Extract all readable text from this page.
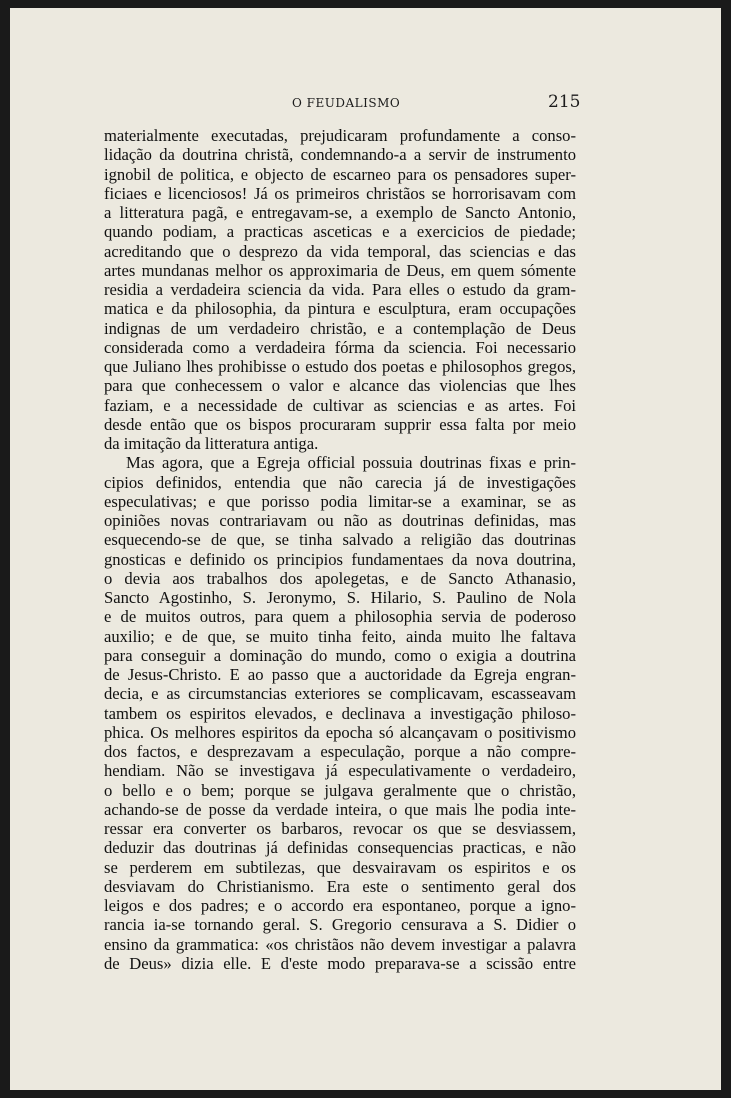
O FEUDALISMO	215
materialmente executadas, prejudicaram profundamente a conso-
lidação da doutrina christã, condemnando-a a servir de instrumento
ignobil de politica, e objecto de escarneo para os pensadores super-
ficiaes e licenciosos! Já os primeiros christãos se horrorisavam com
a litteratura pagã, e entregavam-se, a exemplo de Sancto Antonio,
quando podiam, a practicas asceticas e a exercicios de piedade;
acreditando que o desprezo da vida temporal, das sciencias e das
artes mundanas melhor os approximaria de Deus, em quem sómente
residia a verdadeira sciencia da vida. Para elles o estudo da gram-
matica e da philosophia, da pintura e esculptura, eram occupações
indignas de um verdadeiro christão, e a contemplação de Deus
considerada como a verdadeira fórma da sciencia. Foi necessario
que Juliano lhes prohibisse o estudo dos poetas e philosophos gregos,
para que conhecessem o valor e alcance das violencias que lhes
faziam, e a necessidade de cultivar as sciencias e as artes. Foi
desde então que os bispos procuraram supprir essa falta por meio
da imitação da litteratura antiga.
Mas agora, que a Egreja official possuia doutrinas fixas e prin-
cipios definidos, entendia que não carecia já de investigações
especulativas; e que porisso podia limitar-se a examinar, se as
opiniões novas contrariavam ou não as doutrinas definidas, mas
esquecendo-se de que, se tinha salvado a religião das doutrinas
gnosticas e definido os principios fundamentaes da nova doutrina,
o devia aos trabalhos dos apolegetas, e de Sancto Athanasio,
Sancto Agostinho, S. Jeronymo, S. Hilario, S. Paulino de Nola
e de muitos outros, para quem a philosophia servia de poderoso
auxilio; e de que, se muito tinha feito, ainda muito lhe faltava
para conseguir a dominação do mundo, como o exigia a doutrina
de Jesus-Christo. E ao passo que a auctoridade da Egreja engran-
decia, e as circumstancias exteriores se complicavam, escasseavam
tambem os espiritos elevados, e declinava a investigação philoso-
phica. Os melhores espiritos da epocha só alcançavam o positivismo
dos factos, e desprezavam a especulação, porque a não compre-
hendiam. Não se investigava já especulativamente o verdadeiro,
o bello e o bem; porque se julgava geralmente que o christão,
achando-se de posse da verdade inteira, o que mais lhe podia inte-
ressar era converter os barbaros, revocar os que se desviassem,
deduzir das doutrinas já definidas consequencias practicas, e não
se perderem em subtilezas, que desvairavam os espiritos e os
desviavam do Christianismo. Era este o sentimento geral dos
leigos e dos padres; e o accordo era espontaneo, porque a igno-
rancia ia-se tornando geral. S. Gregorio censurava a S. Didier o
ensino da grammatica: «os christãos não devem investigar a palavra
de Deus» dizia elle. E d'este modo preparava-se a scissão entre
